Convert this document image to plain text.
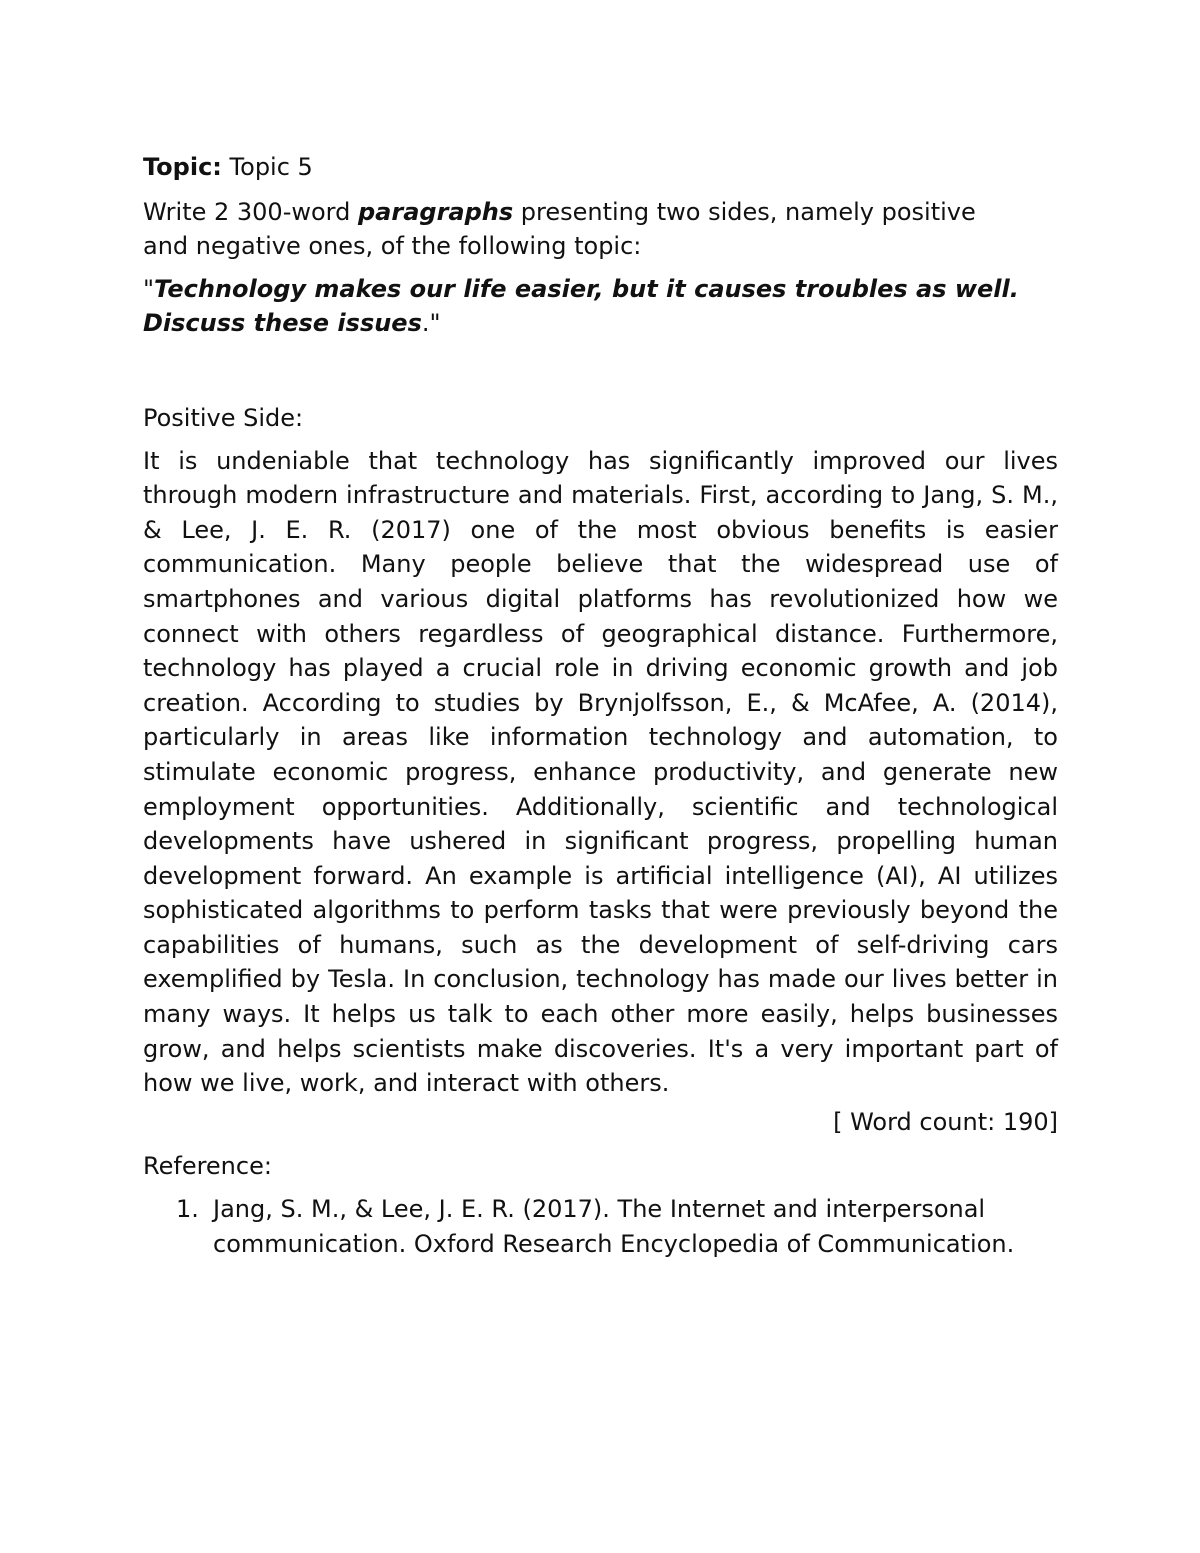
Topic: Topic 5

Write 2 300-word paragraphs presenting two sides, namely positive and negative ones, of the following topic:

"Technology makes our life easier, but it causes troubles as well. Discuss these issues."

Positive Side:

It is undeniable that technology has significantly improved our lives through modern infrastructure and materials. First, according to Jang, S. M., & Lee, J. E. R. (2017) one of the most obvious benefits is easier communication. Many people believe that the widespread use of smartphones and various digital platforms has revolutionized how we connect with others regardless of geographical distance. Furthermore, technology has played a crucial role in driving economic growth and job creation. According to studies by Brynjolfsson, E., & McAfee, A. (2014), particularly in areas like information technology and automation, to stimulate economic progress, enhance productivity, and generate new employment opportunities. Additionally, scientific and technological developments have ushered in significant progress, propelling human development forward. An example is artificial intelligence (AI), AI utilizes sophisticated algorithms to perform tasks that were previously beyond the capabilities of humans, such as the development of self-driving cars exemplified by Tesla. In conclusion, technology has made our lives better in many ways. It helps us talk to each other more easily, helps businesses grow, and helps scientists make discoveries. It's a very important part of how we live, work, and interact with others.

[ Word count: 190]

Reference:

1. Jang, S. M., & Lee, J. E. R. (2017). The Internet and interpersonal communication. Oxford Research Encyclopedia of Communication.
